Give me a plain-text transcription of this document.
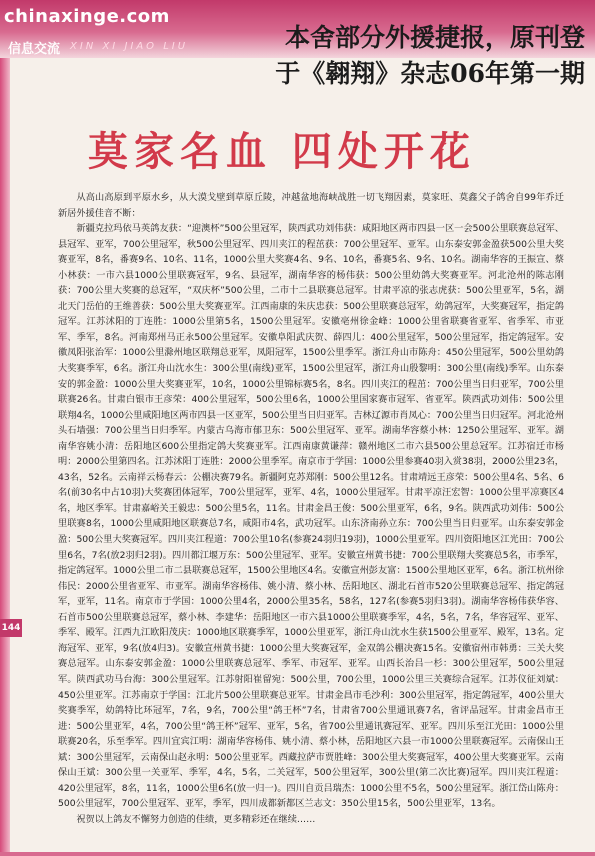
chinaxinge.com
信息交流 XIN XI JIAO LIU	本舍部分外援捷报，原刊登
于《翱翔》杂志06年第一期
144
莫家名血 四处开花

从高山高原到平原水乡，从大漠戈壁到草原丘陵，冲越盆地海峡战胜一切飞翔因素，莫家旺、莫鑫父子鸽舍自99年乔迁新居外援佳音不断：

新疆克拉玛依马英鸽友获：“迎澳杯”500公里冠军，陕西武功刘伟获：咸阳地区两市四县一区一会500公里联赛总冠军、县冠军、亚军，700公里冠军，秋500公里冠军、四川夹江的程茁获：700公里冠军、亚军。山东泰安郭金盈获500公里大奖赛亚军，8名，番赛9名、10名、11名，1000公里大奖赛4名、9名、10名，番赛5名、9名、10名。湖南华容的王振宣、蔡小林获：一市六县1000公里联赛冠军，9名、县冠军，湖南华容的杨伟获：500公里幼鸽大奖赛亚军。河北沧州的陈志刚获：700公里大奖赛的总冠军，“双庆杯”500公里，二市十二县联赛总冠军。甘肃平凉的张志虎获：500公里亚军，5名，湖北天门岳伯的王维善获：500公里大奖赛亚军。江西南康的朱庆忠获：500公里联赛总冠军，幼鸽冠军，大奖赛冠军，指定鸽冠军。江苏沭阳的丁连胜：1000公里第5名，1500公里冠军。安徽亳州徐金峰：1000公里省联赛省亚军、省季军、市亚军、季军，8名。河南郑州马正永500公里冠军。安徽阜阳武庆贺、薛四儿：400公里冠军，500公里冠军，指定鸽冠军。安徽凤阳张治军：1000公里滁州地区联翔总亚军，凤阳冠军，1500公里季军。浙江舟山市陈舟：450公里冠军，500公里幼鸽大奖赛季军，6名。浙江舟山沈水生：300公里(南线)亚军，1500公里冠军，浙江舟山殷黎明：300公里(南线)季军。山东泰安的郭金盈：1000公里大奖赛亚军，10名，1000公里锦标赛5名，8名。四川夹江的程茁：700公里当日归亚军，700公里联赛26名。甘肃白银市王彦荣：400公里冠军，500公里6名，1000公里国家赛市冠军、省亚军。陕西武功刘伟：500公里联翔4名，1000公里咸阳地区两市四县一区亚军，500公里当日归亚军。吉林辽源市肖凤心：700公里当日归冠军。河北沧州头石墙强：700公里当日归季军。内蒙古乌海市郁卫东：500公里冠军、亚军。湖南华容蔡小林：1250公里冠军、亚军。湖南华容姚小清：岳阳地区600公里指定鸽大奖赛亚军。江西南康黄谦萍：赣州地区二市六县500公里总冠军。江苏宿迁市杨明：2000公里第四名。江苏沭阳丁连胜：2000公里季军。南京市于学国：1000公里参赛40羽入赏38羽，2000公里23名，43名，52名。云南祥云杨春云：公棚决赛79名。新疆阿克苏郑刚：500公里12名。甘肃靖远王彦荣：500公里4名、5名、6名(前30名中占10羽)大奖赛团体冠军，700公里冠军，亚军、4名，1000公里冠军。甘肃平凉汪宏智：1000公里平凉赛区4名，地区季军。甘肃嘉峪关王毅忠：500公里5名，11名。甘肃金昌王俊：500公里亚军，6名，9名。陕西武功刘伟：500公里联赛8名，1000公里咸阳地区联赛总7名，咸阳市4名，武功冠军。山东济南孙立东：700公里当日归亚军。山东泰安郭金盈：500公里大奖赛冠军。四川夹江程道：700公里10名(参赛24羽归19羽)，1000公里亚军。四川资阳地区江光田：700公里6名，7名(放2羽归2羽)。四川都江堰万东：500公里冠军、亚军。安徽宣州黄书捷：700公里联翔大奖赛总5名，市季军，指定鸽冠军。1000公里二市二县联赛总冠军，1500公里地区4名。安徽宣州彭友富：1500公里地区亚军，6名。浙江杭州徐伟民：2000公里省亚军、市亚军。湖南华容杨伟、姚小清、蔡小林、岳阳地区、湖北石首市520公里联赛总冠军、指定鸽冠军，亚军，11名。南京市于学国：1000公里4名，2000公里35名，58名，127名(参赛5羽归3羽)。湖南华容杨伟获华容、石首市500公里联赛总冠军，蔡小林、李建华：岳阳地区一市六县1000公里联赛季军，4名，5名，7名，华容冠军、亚军、季军、殿军。江西九江欧阳茂庆：1000地区联赛季军，1000公里亚军，浙江舟山沈水生获1500公里亚军、殿军，13名。定海冠军、亚军，9名(放4归3)。安徽宣州黄书捷：1000公里大奖赛冠军，金双鸽公棚决赛15名。安徽宿州市韩勇：三关大奖赛总冠军。山东泰安郭金盈：1000公里联赛总冠军、季军、市冠军、亚军。山西长治吕一杉：300公里冠军，500公里冠军。陕西武功马台海：300公里冠军。江苏射阳崔留宛：500公里，700公里，1000公里三关赛综合冠军。江苏仪征刘斌：450公里亚军。江苏南京于学国：江北片500公里联赛总亚军。甘肃金昌市毛沙利：300公里冠军，指定鸽冠军，400公里大奖赛季军，幼鸽特比环冠军，7名，9名，700公里“鸽王杯”7名，甘肃省700公里通讯赛7名，省评品冠军。甘肃金昌市王进：500公里亚军，4名，700公里“鸽王杯”冠军、亚军，5名，省700公里通讯赛冠军、亚军。四川乐至江光田：1000公里联赛20名，乐至季军。四川宜宾江明：湖南华容杨伟、姚小清、蔡小林，岳阳地区六县一市1000公里联赛冠军。云南保山王斌：300公里冠军，云南保山赵永明：500公里亚军。西藏拉萨市贾胜峰：300公里大奖赛冠军，400公里大奖赛亚军。云南保山王斌：300公里一关亚军、季军，4名，5名，二关冠军，500公里冠军，300公里(第二次比赛)冠军。四川夹江程道：420公里冠军，8名，11名，1000公里6名(放一归一)。四川自贡吕瑞杰：1000公里不5名，500公里冠军。浙江岱山陈舟：500公里冠军，700公里冠军、亚军，季军，四川成都新都区兰志文：350公里15名，500公里亚军，13名。

祝贺以上鸽友不懈努力创造的佳绩，更多精彩还在继续……
